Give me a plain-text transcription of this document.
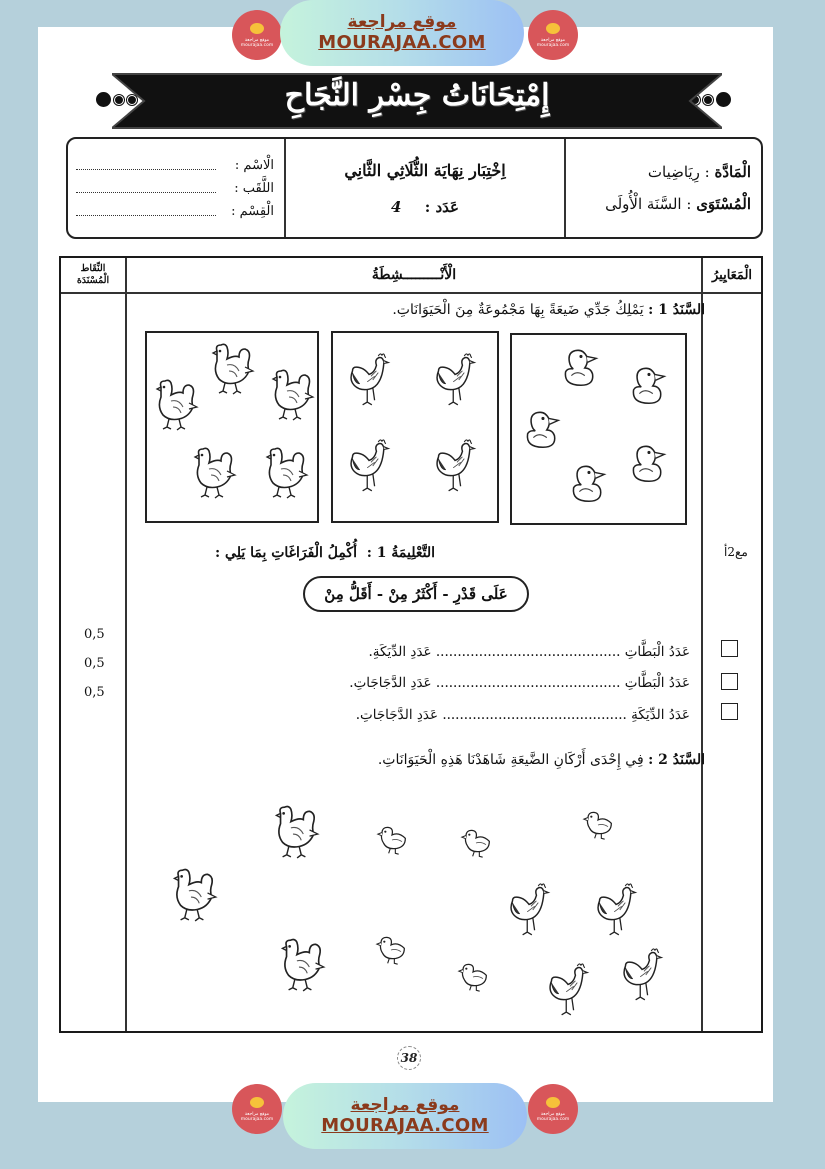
موقع مراجعة
mourajaa.com
موقع مراجعة
MOURAJAA.COM	موقع مراجعة
mourajaa.com
إِمْتِحَانَاتُ جِسْرِ النَّجَاحِ
الْمَادَّة : رِيَاضِيات
الْمُسْتَوَى : السَّنَة الْأُولَى
اِخْتِبَار نِهَايَة الثُّلَاثِي الثَّانِي
عَدَد : 4
الْاسْم :
اللَّقَب :
الْقِسْم :
الْمَعَايِيرُ
الْأَنْـــــــــشِطَةُ
النِّقَاط
الْمُسْنَدَة
السَّنَدُ 1 : يَمْلِكُ جَدِّي ضَيعَةً بِهَا مَجْمُوعَةٌ مِنَ الْحَيَوَانَاتِ.
مع2أ
التَّعْلِيمَةُ 1 :  أُكْمِلُ الْفَرَاغَاتِ بِمَا يَلِي :
عَلَى قَدْرِ - أَكْثَرُ مِنْ - أَقَلُّ مِنْ
عَدَدُ الْبَطَّاتِ ........................................... عَدَدِ الدِّيَكَةِ.
عَدَدُ الْبَطَّاتِ ........................................... عَدَدِ الدَّجَاجَاتِ.
عَدَدُ الدِّيَكَةِ ........................................... عَدَدِ الدَّجَاجَاتِ.
0,5
0,5
0,5
السَّنَدُ 2 : فِي إِحْدَى أَرْكَانِ الضَّيعَةِ شَاهَدْنَا هَذِهِ الْحَيَوَانَاتِ.
38
موقع مراجعة
mourajaa.com
موقع مراجعة
MOURAJAA.COM
موقع مراجعة
mourajaa.com
